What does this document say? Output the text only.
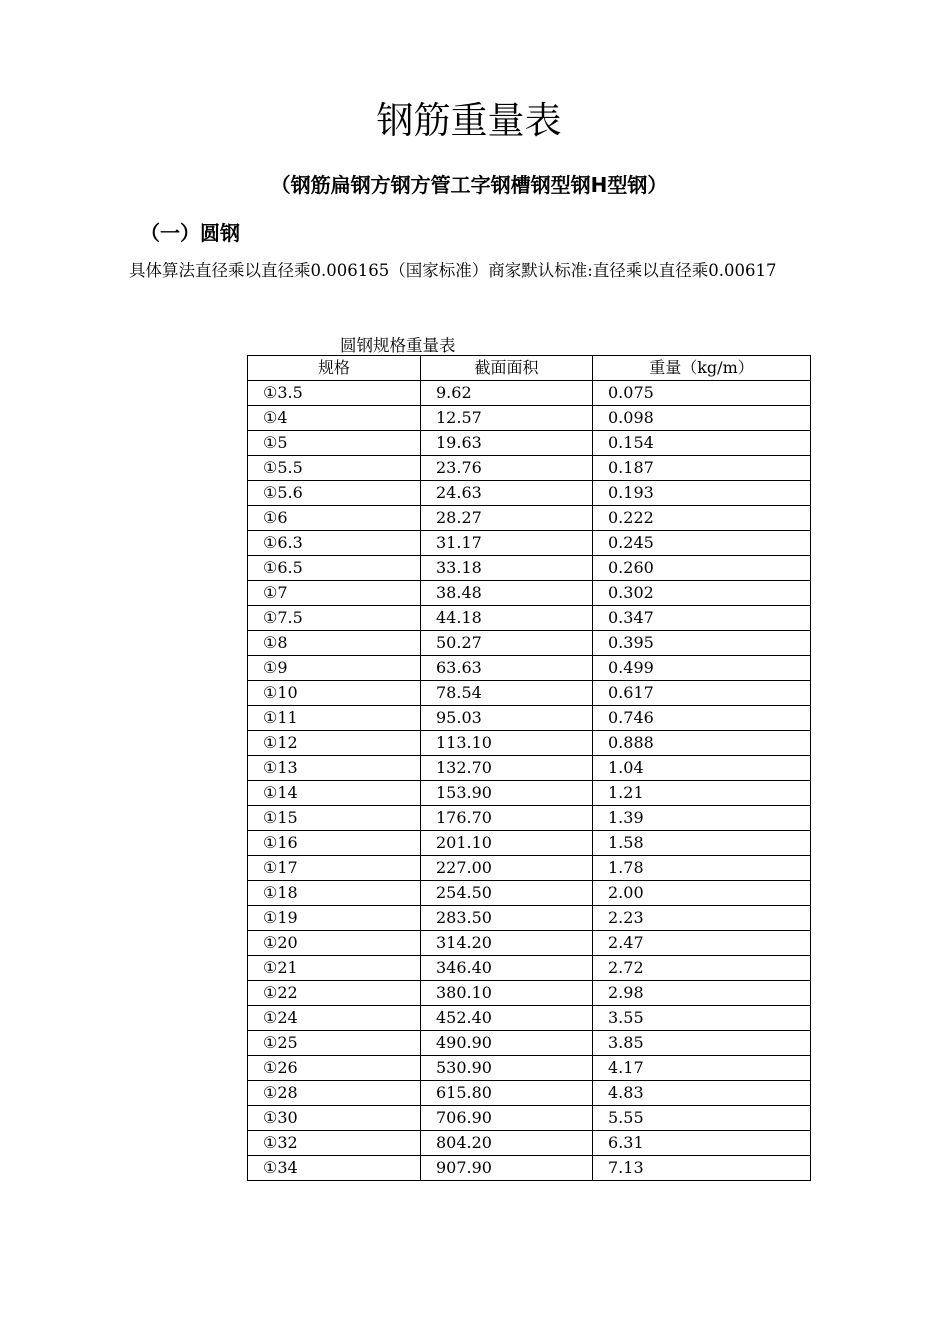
钢筋重量表
（钢筋扁钢方钢方管工字钢槽钢型钢H型钢）
（一）圆钢
具体算法直径乘以直径乘0.006165（国家标准）商家默认标准:直径乘以直径乘0.00617
圆钢规格重量表
规格	截面面积	重量（kg/m）
①3.5	9.62	0.075
①4	12.57	0.098
①5	19.63	0.154
①5.5	23.76	0.187
①5.6	24.63	0.193
①6	28.27	0.222
①6.3	31.17	0.245
①6.5	33.18	0.260
①7	38.48	0.302
①7.5	44.18	0.347
①8	50.27	0.395
①9	63.63	0.499
①10	78.54	0.617
①11	95.03	0.746
①12	113.10	0.888
①13	132.70	1.04
①14	153.90	1.21
①15	176.70	1.39
①16	201.10	1.58
①17	227.00	1.78
①18	254.50	2.00
①19	283.50	2.23
①20	314.20	2.47
①21	346.40	2.72
①22	380.10	2.98
①24	452.40	3.55
①25	490.90	3.85
①26	530.90	4.17
①28	615.80	4.83
①30	706.90	5.55
①32	804.20	6.31
①34	907.90	7.13
